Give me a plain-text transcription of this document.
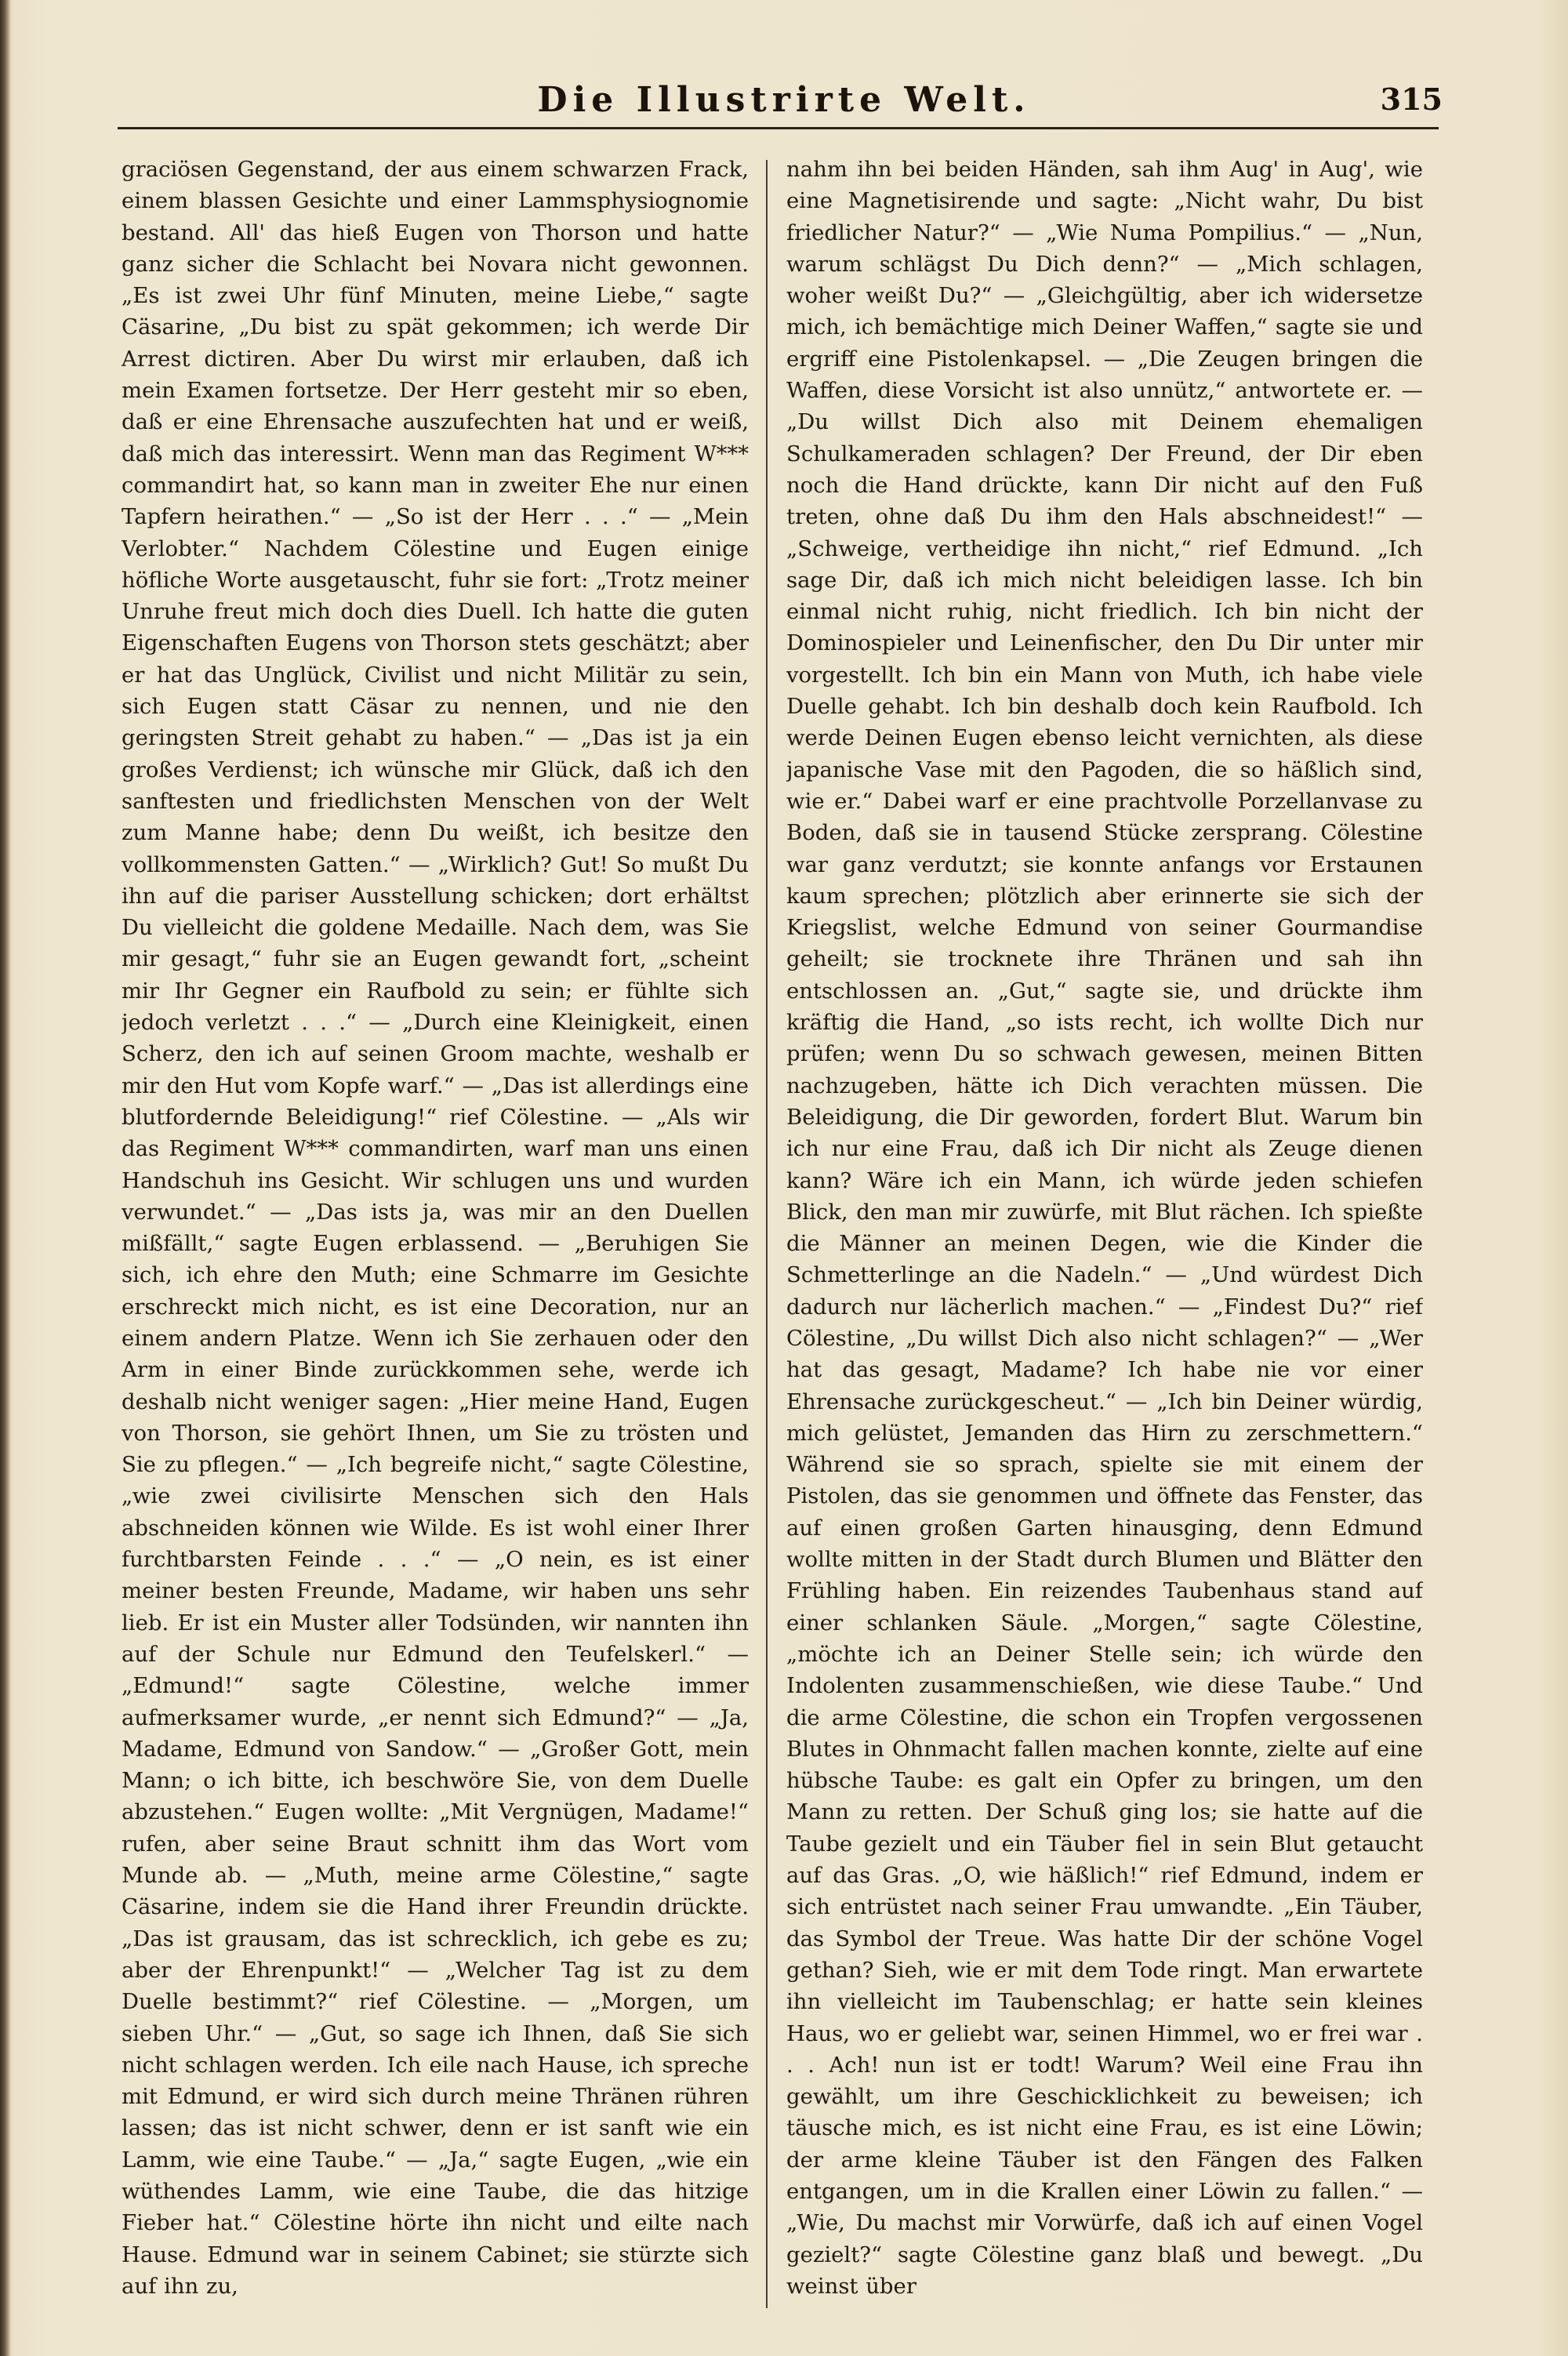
Die Illustrirte Welt.	315

graciösen Gegenstand, der aus einem schwarzen Frack, einem blassen Gesichte und einer Lammsphysiognomie bestand. All' das hieß Eugen von Thorson und hatte ganz sicher die Schlacht bei Novara nicht gewonnen. „Es ist zwei Uhr fünf Minuten, meine Liebe,“ sagte Cäsarine, „Du bist zu spät gekommen; ich werde Dir Arrest dictiren. Aber Du wirst mir erlauben, daß ich mein Examen fortsetze. Der Herr gesteht mir so eben, daß er eine Ehrensache auszufechten hat und er weiß, daß mich das interessirt. Wenn man das Regiment W*** commandirt hat, so kann man in zweiter Ehe nur einen Tapfern heirathen.“ — „So ist der Herr . . .“ — „Mein Verlobter.“ Nachdem Cölestine und Eugen einige höfliche Worte ausgetauscht, fuhr sie fort: „Trotz meiner Unruhe freut mich doch dies Duell. Ich hatte die guten Eigenschaften Eugens von Thorson stets geschätzt; aber er hat das Unglück, Civilist und nicht Militär zu sein, sich Eugen statt Cäsar zu nennen, und nie den geringsten Streit gehabt zu haben.“ — „Das ist ja ein großes Verdienst; ich wünsche mir Glück, daß ich den sanftesten und friedlichsten Menschen von der Welt zum Manne habe; denn Du weißt, ich besitze den vollkommensten Gatten.“ — „Wirklich? Gut! So mußt Du ihn auf die pariser Ausstellung schicken; dort erhältst Du vielleicht die goldene Medaille. Nach dem, was Sie mir gesagt,“ fuhr sie an Eugen gewandt fort, „scheint mir Ihr Gegner ein Raufbold zu sein; er fühlte sich jedoch verletzt . . .“ — „Durch eine Kleinigkeit, einen Scherz, den ich auf seinen Groom machte, weshalb er mir den Hut vom Kopfe warf.“ — „Das ist allerdings eine blutfordernde Beleidigung!“ rief Cölestine. — „Als wir das Regiment W*** commandirten, warf man uns einen Handschuh ins Gesicht. Wir schlugen uns und wurden verwundet.“ — „Das ists ja, was mir an den Duellen mißfällt,“ sagte Eugen erblassend. — „Beruhigen Sie sich, ich ehre den Muth; eine Schmarre im Gesichte erschreckt mich nicht, es ist eine Decoration, nur an einem andern Platze. Wenn ich Sie zerhauen oder den Arm in einer Binde zurückkommen sehe, werde ich deshalb nicht weniger sagen: „Hier meine Hand, Eugen von Thorson, sie gehört Ihnen, um Sie zu trösten und Sie zu pflegen.“ — „Ich begreife nicht,“ sagte Cölestine, „wie zwei civilisirte Menschen sich den Hals abschneiden können wie Wilde. Es ist wohl einer Ihrer furchtbarsten Feinde . . .“ — „O nein, es ist einer meiner besten Freunde, Madame, wir haben uns sehr lieb. Er ist ein Muster aller Todsünden, wir nannten ihn auf der Schule nur Edmund den Teufelskerl.“ — „Edmund!“ sagte Cölestine, welche immer aufmerksamer wurde, „er nennt sich Edmund?“ — „Ja, Madame, Edmund von Sandow.“ — „Großer Gott, mein Mann; o ich bitte, ich beschwöre Sie, von dem Duelle abzustehen.“ Eugen wollte: „Mit Vergnügen, Madame!“ rufen, aber seine Braut schnitt ihm das Wort vom Munde ab. — „Muth, meine arme Cölestine,“ sagte Cäsarine, indem sie die Hand ihrer Freundin drückte. „Das ist grausam, das ist schrecklich, ich gebe es zu; aber der Ehrenpunkt!“ — „Welcher Tag ist zu dem Duelle bestimmt?“ rief Cölestine. — „Morgen, um sieben Uhr.“ — „Gut, so sage ich Ihnen, daß Sie sich nicht schlagen werden. Ich eile nach Hause, ich spreche mit Edmund, er wird sich durch meine Thränen rühren lassen; das ist nicht schwer, denn er ist sanft wie ein Lamm, wie eine Taube.“ — „Ja,“ sagte Eugen, „wie ein wüthendes Lamm, wie eine Taube, die das hitzige Fieber hat.“ Cölestine hörte ihn nicht und eilte nach Hause. Edmund war in seinem Cabinet; sie stürzte sich auf ihn zu,

nahm ihn bei beiden Händen, sah ihm Aug' in Aug', wie eine Magnetisirende und sagte: „Nicht wahr, Du bist friedlicher Natur?“ — „Wie Numa Pompilius.“ — „Nun, warum schlägst Du Dich denn?“ — „Mich schlagen, woher weißt Du?“ — „Gleichgültig, aber ich widersetze mich, ich bemächtige mich Deiner Waffen,“ sagte sie und ergriff eine Pistolenkapsel. — „Die Zeugen bringen die Waffen, diese Vorsicht ist also unnütz,“ antwortete er. — „Du willst Dich also mit Deinem ehemaligen Schulkameraden schlagen? Der Freund, der Dir eben noch die Hand drückte, kann Dir nicht auf den Fuß treten, ohne daß Du ihm den Hals abschneidest!“ — „Schweige, vertheidige ihn nicht,“ rief Edmund. „Ich sage Dir, daß ich mich nicht beleidigen lasse. Ich bin einmal nicht ruhig, nicht friedlich. Ich bin nicht der Dominospieler und Leinenfischer, den Du Dir unter mir vorgestellt. Ich bin ein Mann von Muth, ich habe viele Duelle gehabt. Ich bin deshalb doch kein Raufbold. Ich werde Deinen Eugen ebenso leicht vernichten, als diese japanische Vase mit den Pagoden, die so häßlich sind, wie er.“ Dabei warf er eine prachtvolle Porzellanvase zu Boden, daß sie in tausend Stücke zersprang. Cölestine war ganz verdutzt; sie konnte anfangs vor Erstaunen kaum sprechen; plötzlich aber erinnerte sie sich der Kriegslist, welche Edmund von seiner Gourmandise geheilt; sie trocknete ihre Thränen und sah ihn entschlossen an. „Gut,“ sagte sie, und drückte ihm kräftig die Hand, „so ists recht, ich wollte Dich nur prüfen; wenn Du so schwach gewesen, meinen Bitten nachzugeben, hätte ich Dich verachten müssen. Die Beleidigung, die Dir geworden, fordert Blut. Warum bin ich nur eine Frau, daß ich Dir nicht als Zeuge dienen kann? Wäre ich ein Mann, ich würde jeden schiefen Blick, den man mir zuwürfe, mit Blut rächen. Ich spießte die Männer an meinen Degen, wie die Kinder die Schmetterlinge an die Nadeln.“ — „Und würdest Dich dadurch nur lächerlich machen.“ — „Findest Du?“ rief Cölestine, „Du willst Dich also nicht schlagen?“ — „Wer hat das gesagt, Madame? Ich habe nie vor einer Ehrensache zurückgescheut.“ — „Ich bin Deiner würdig, mich gelüstet, Jemanden das Hirn zu zerschmettern.“ Während sie so sprach, spielte sie mit einem der Pistolen, das sie genommen und öffnete das Fenster, das auf einen großen Garten hinausging, denn Edmund wollte mitten in der Stadt durch Blumen und Blätter den Frühling haben. Ein reizendes Taubenhaus stand auf einer schlanken Säule. „Morgen,“ sagte Cölestine, „möchte ich an Deiner Stelle sein; ich würde den Indolenten zusammenschießen, wie diese Taube.“ Und die arme Cölestine, die schon ein Tropfen vergossenen Blutes in Ohnmacht fallen machen konnte, zielte auf eine hübsche Taube: es galt ein Opfer zu bringen, um den Mann zu retten. Der Schuß ging los; sie hatte auf die Taube gezielt und ein Täuber fiel in sein Blut getaucht auf das Gras. „O, wie häßlich!“ rief Edmund, indem er sich entrüstet nach seiner Frau umwandte. „Ein Täuber, das Symbol der Treue. Was hatte Dir der schöne Vogel gethan? Sieh, wie er mit dem Tode ringt. Man erwartete ihn vielleicht im Taubenschlag; er hatte sein kleines Haus, wo er geliebt war, seinen Himmel, wo er frei war . . . Ach! nun ist er todt! Warum? Weil eine Frau ihn gewählt, um ihre Geschicklichkeit zu beweisen; ich täusche mich, es ist nicht eine Frau, es ist eine Löwin; der arme kleine Täuber ist den Fängen des Falken entgangen, um in die Krallen einer Löwin zu fallen.“ — „Wie, Du machst mir Vorwürfe, daß ich auf einen Vogel gezielt?“ sagte Cölestine ganz blaß und bewegt. „Du weinst über
